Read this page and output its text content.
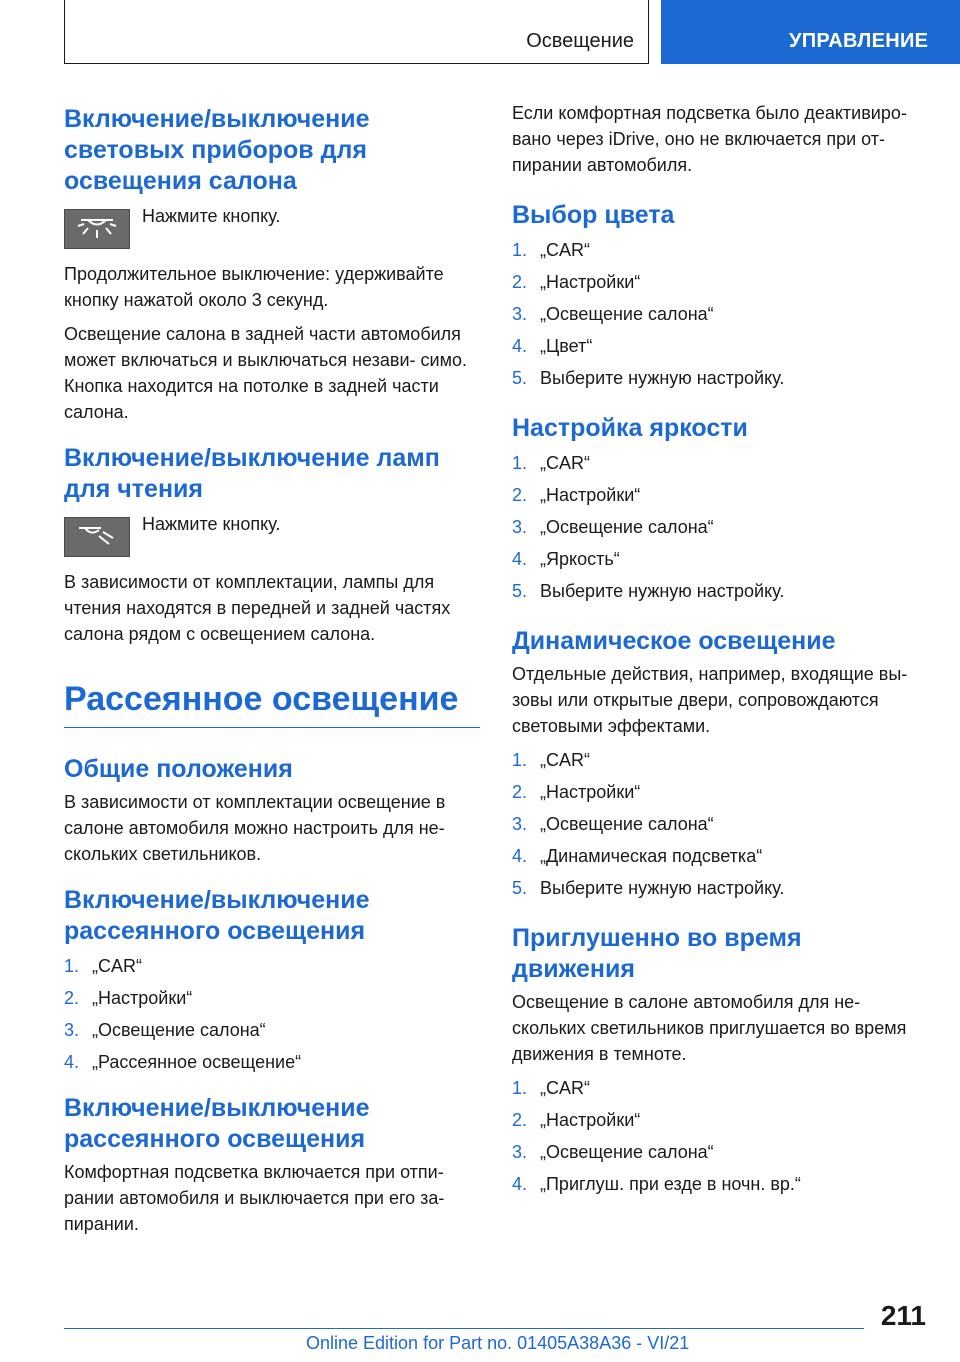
Освещение	УПРАВЛЕНИЕ
Включение/выключение световых приборов для освещения салона

Нажмите кнопку.

Продолжительное выключение: удерживайте кнопку нажатой около 3 секунд.

Освещение салона в задней части автомобиля может включаться и выключаться незави- симо. Кнопка находится на потолке в задней части салона.

Включение/выключение ламп для чтения

Нажмите кнопку.

В зависимости от комплектации, лампы для чтения находятся в передней и задней частях салона рядом с освещением салона.

Рассеянное освещение
Общие положения

В зависимости от комплектации освещение в салоне автомобиля можно настроить для не- скольких светильников.

Включение/выключение рассеянного освещения
1. „CAR“
2. „Настройки“
3. „Освещение салона“
4. „Рассеянное освещение“
Включение/выключение рассеянного освещения

Комфортная подсветка включается при отпи- рании автомобиля и выключается при его за- пирании.

Если комфортная подсветка было деактивиро- вано через iDrive, оно не включается при от- пирании автомобиля.

Выбор цвета
1. „CAR“
2. „Настройки“
3. „Освещение салона“
4. „Цвет“
5. Выберите нужную настройку.
Настройка яркости
1. „CAR“
2. „Настройки“
3. „Освещение салона“
4. „Яркость“
5. Выберите нужную настройку.
Динамическое освещение

Отдельные действия, например, входящие вы- зовы или открытые двери, сопровождаются световыми эффектами.

1. „CAR“
2. „Настройки“
3. „Освещение салона“
4. „Динамическая подсветка“
5. Выберите нужную настройку.
Приглушенно во время движения

Освещение в салоне автомобиля для не- скольких светильников приглушается во время движения в темноте.

1. „CAR“
2. „Настройки“
3. „Освещение салона“
4. „Приглуш. при езде в ночн. вр.“
211
Online Edition for Part no. 01405A38A36 - VI/21
